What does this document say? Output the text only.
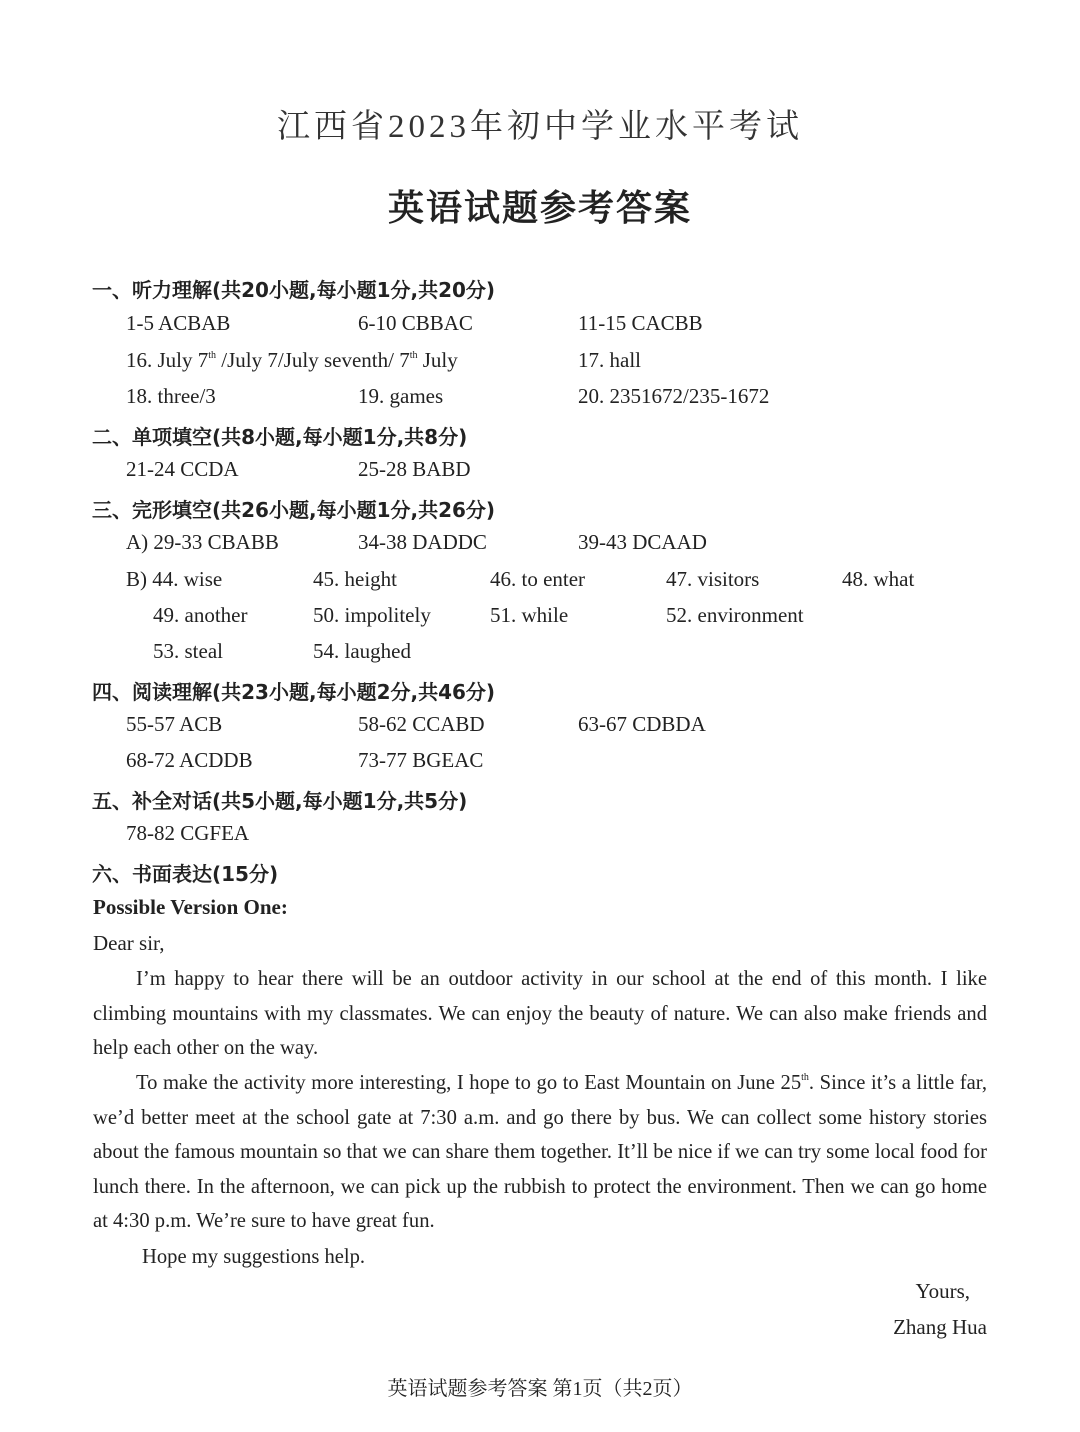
江西省2023年初中学业水平考试
英语试题参考答案
一、听力理解(共20小题,每小题1分,共20分)
1-5 ACBAB	6-10 CBBAC	11-15 CACBB
16. July 7th /July 7/July seventh/ 7th July	17. hall
18. three/3	19. games	20. 2351672/235-1672
二、单项填空(共8小题,每小题1分,共8分)
21-24 CCDA	25-28 BABD
三、完形填空(共26小题,每小题1分,共26分)
A) 29-33 CBABB	34-38 DADDC	39-43 DCAAD
B) 44. wise	45. height	46. to enter	47. visitors	48. what
49. another	50. impolitely	51. while	52. environment
53. steal	54. laughed
四、阅读理解(共23小题,每小题2分,共46分)
55-57 ACB	58-62 CCABD	63-67 CDBDA
68-72 ACDDB	73-77 BGEAC
五、补全对话(共5小题,每小题1分,共5分)
78-82 CGFEA
六、书面表达(15分)
Possible Version One:
Dear sir,
I’m happy to hear there will be an outdoor activity in our school at the end of this month. I like climbing mountains with my classmates. We can enjoy the beauty of nature. We can also make friends and help each other on the way.
To make the activity more interesting, I hope to go to East Mountain on June 25th. Since it’s a little far, we’d better meet at the school gate at 7:30 a.m. and go there by bus. We can collect some history stories about the famous mountain so that we can share them together. It’ll be nice if we can try some local food for lunch there. In the afternoon, we can pick up the rubbish to protect the environment. Then we can go home at 4:30 p.m. We’re sure to have great fun.
Hope my suggestions help.
Yours,
Zhang Hua
英语试题参考答案 第1页（共2页）
